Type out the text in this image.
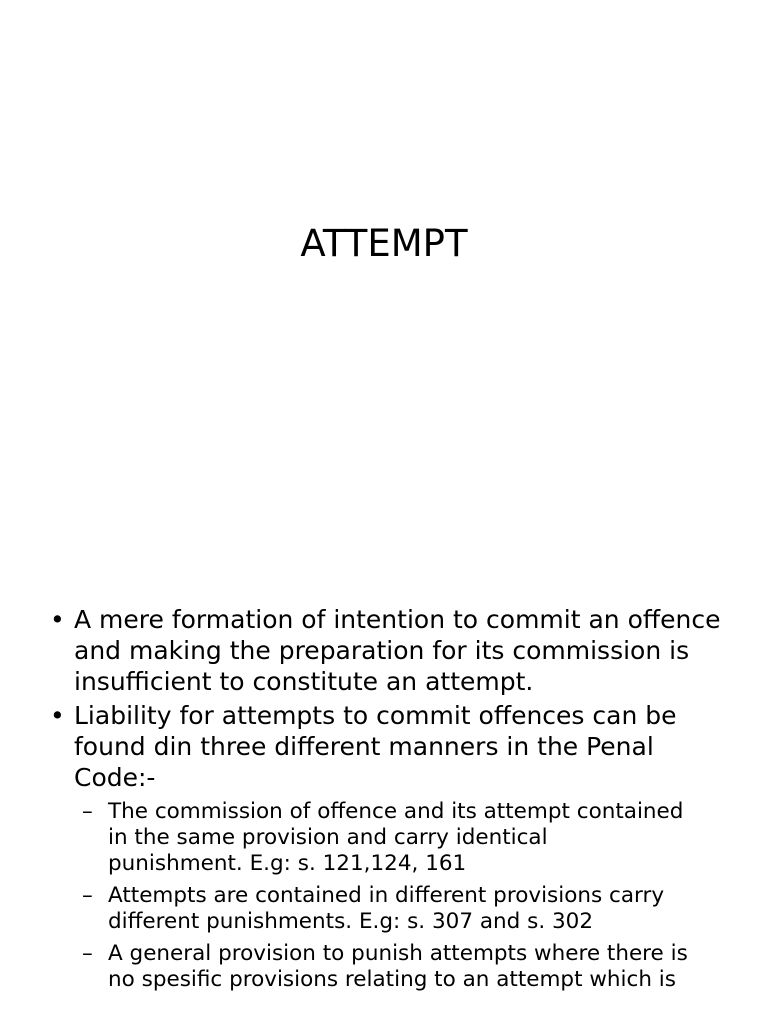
ATTEMPT
• A mere formation of intention to commit an offence and making the preparation for its commission is insufficient to constitute an attempt.
• Liability for attempts to commit offences can be found din three different manners in the Penal Code:-
– The commission of offence and its attempt contained in the same provision and carry identical punishment. E.g: s. 121,124, 161
– Attempts are contained in different provisions carry different punishments. E.g: s. 307 and s. 302
– A general provision to punish attempts where there is no spesific provisions relating to an attempt which is
